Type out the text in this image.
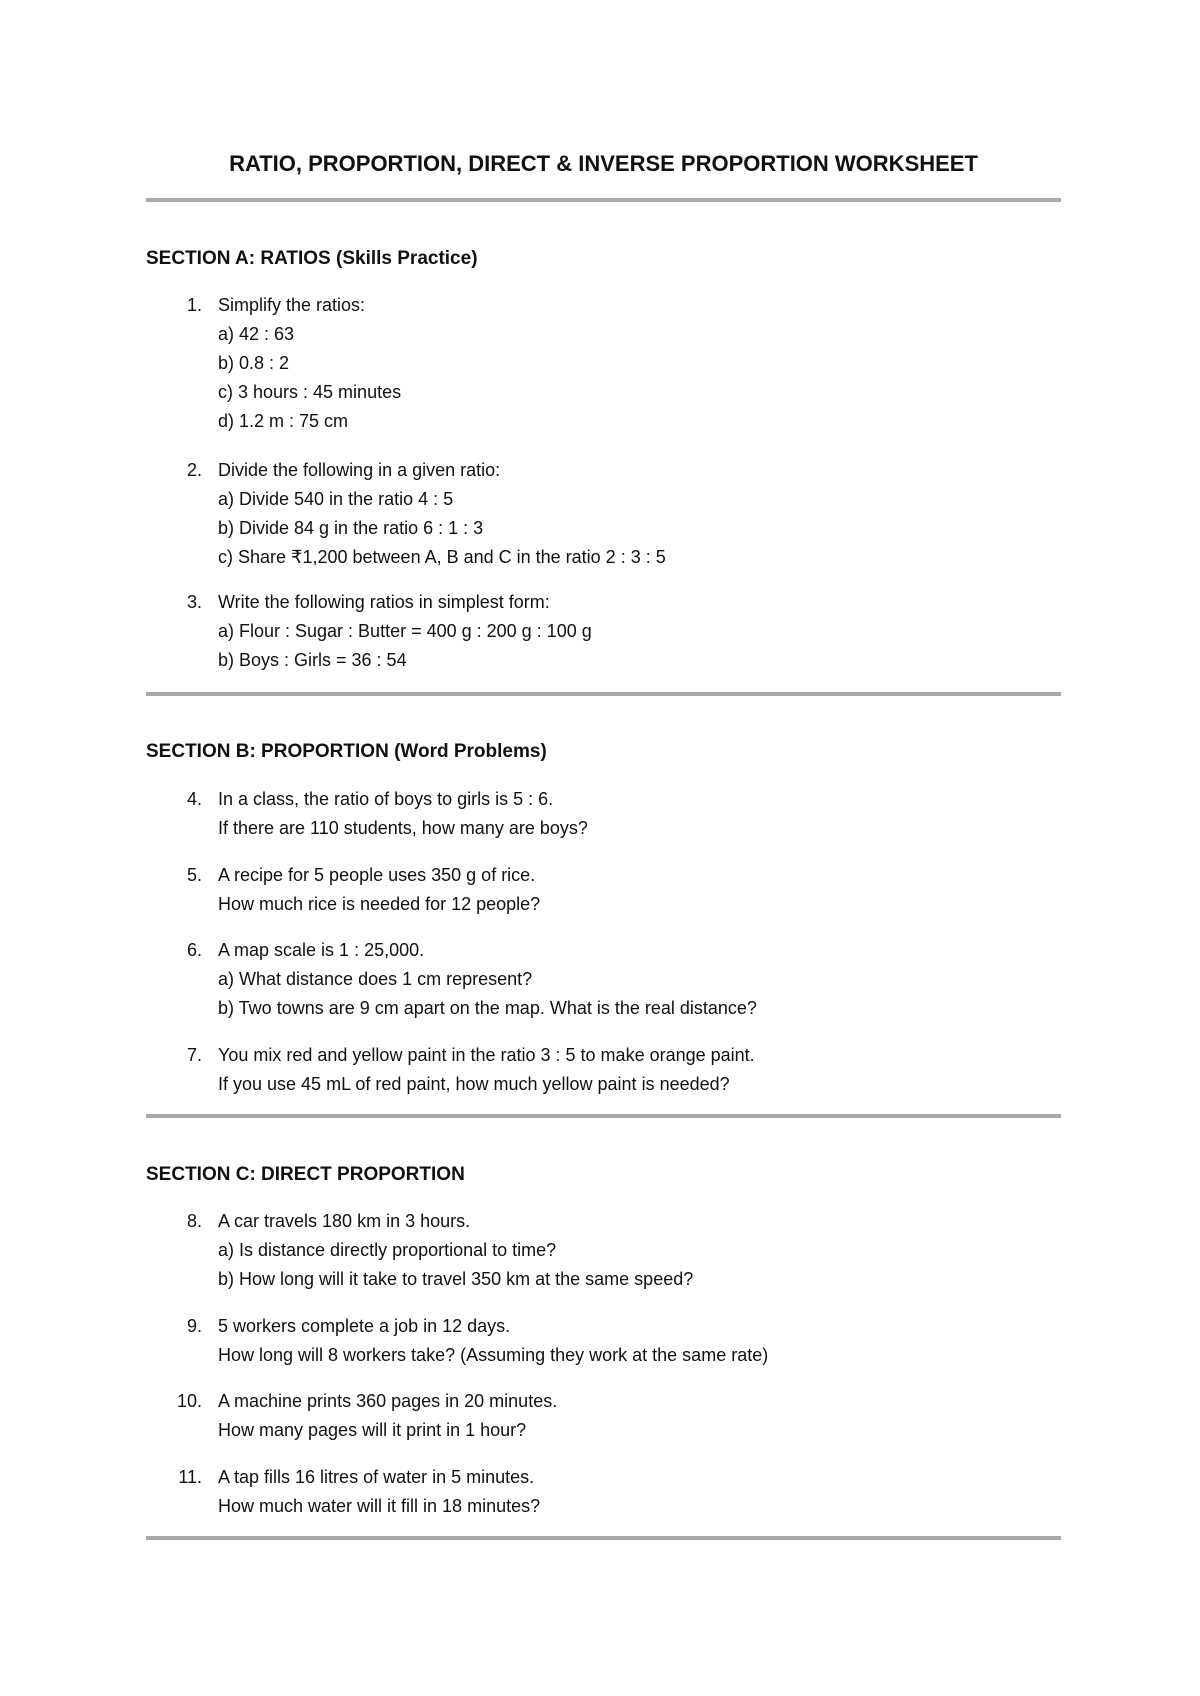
RATIO, PROPORTION, DIRECT & INVERSE PROPORTION WORKSHEET
SECTION A: RATIOS (Skills Practice)
1. Simplify the ratios:
a) 42 : 63
b) 0.8 : 2
c) 3 hours : 45 minutes
d) 1.2 m : 75 cm
2. Divide the following in a given ratio:
a) Divide 540 in the ratio 4 : 5
b) Divide 84 g in the ratio 6 : 1 : 3
c) Share ₹1,200 between A, B and C in the ratio 2 : 3 : 5
3. Write the following ratios in simplest form:
a) Flour : Sugar : Butter = 400 g : 200 g : 100 g
b) Boys : Girls = 36 : 54
SECTION B: PROPORTION (Word Problems)
4. In a class, the ratio of boys to girls is 5 : 6.
If there are 110 students, how many are boys?
5. A recipe for 5 people uses 350 g of rice.
How much rice is needed for 12 people?
6. A map scale is 1 : 25,000.
a) What distance does 1 cm represent?
b) Two towns are 9 cm apart on the map. What is the real distance?
7. You mix red and yellow paint in the ratio 3 : 5 to make orange paint.
If you use 45 mL of red paint, how much yellow paint is needed?
SECTION C: DIRECT PROPORTION
8. A car travels 180 km in 3 hours.
a) Is distance directly proportional to time?
b) How long will it take to travel 350 km at the same speed?
9. 5 workers complete a job in 12 days.
How long will 8 workers take? (Assuming they work at the same rate)
10. A machine prints 360 pages in 20 minutes.
How many pages will it print in 1 hour?
11. A tap fills 16 litres of water in 5 minutes.
How much water will it fill in 18 minutes?
